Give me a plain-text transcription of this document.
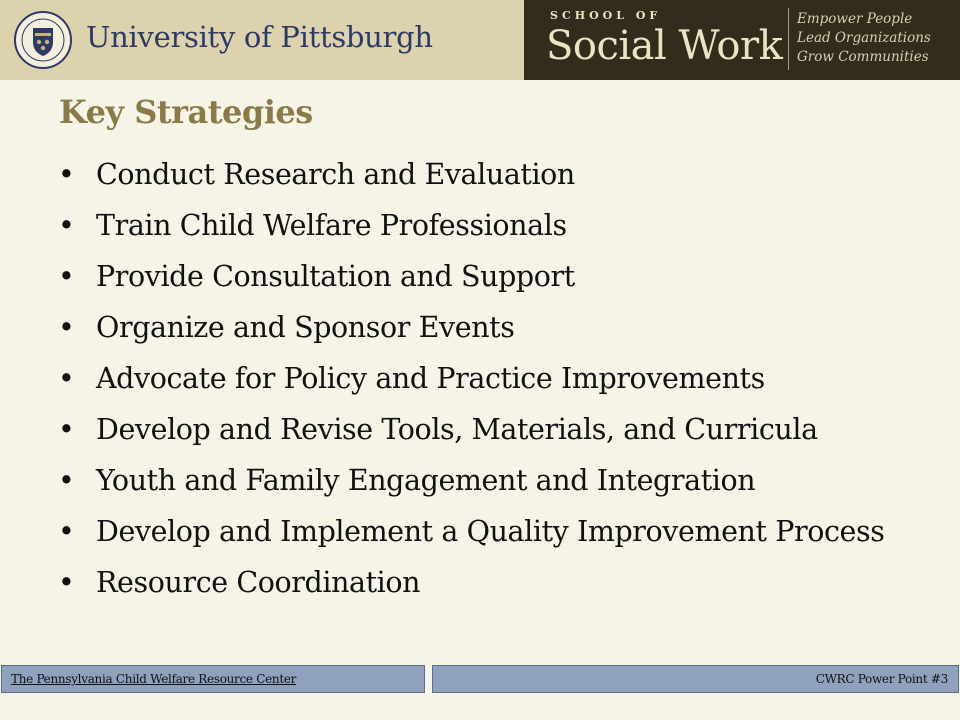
University of Pittsburgh
SCHOOL OF
Social Work
Empower People
Lead Organizations
Grow Communities
Key Strategies
• Conduct Research and Evaluation
• Train Child Welfare Professionals
• Provide Consultation and Support
• Organize and Sponsor Events
• Advocate for Policy and Practice Improvements
• Develop and Revise Tools, Materials, and Curricula
• Youth and Family Engagement and Integration
• Develop and Implement a Quality Improvement Process
• Resource Coordination
The Pennsylvania Child Welfare Resource Center	CWRC Power Point #3
